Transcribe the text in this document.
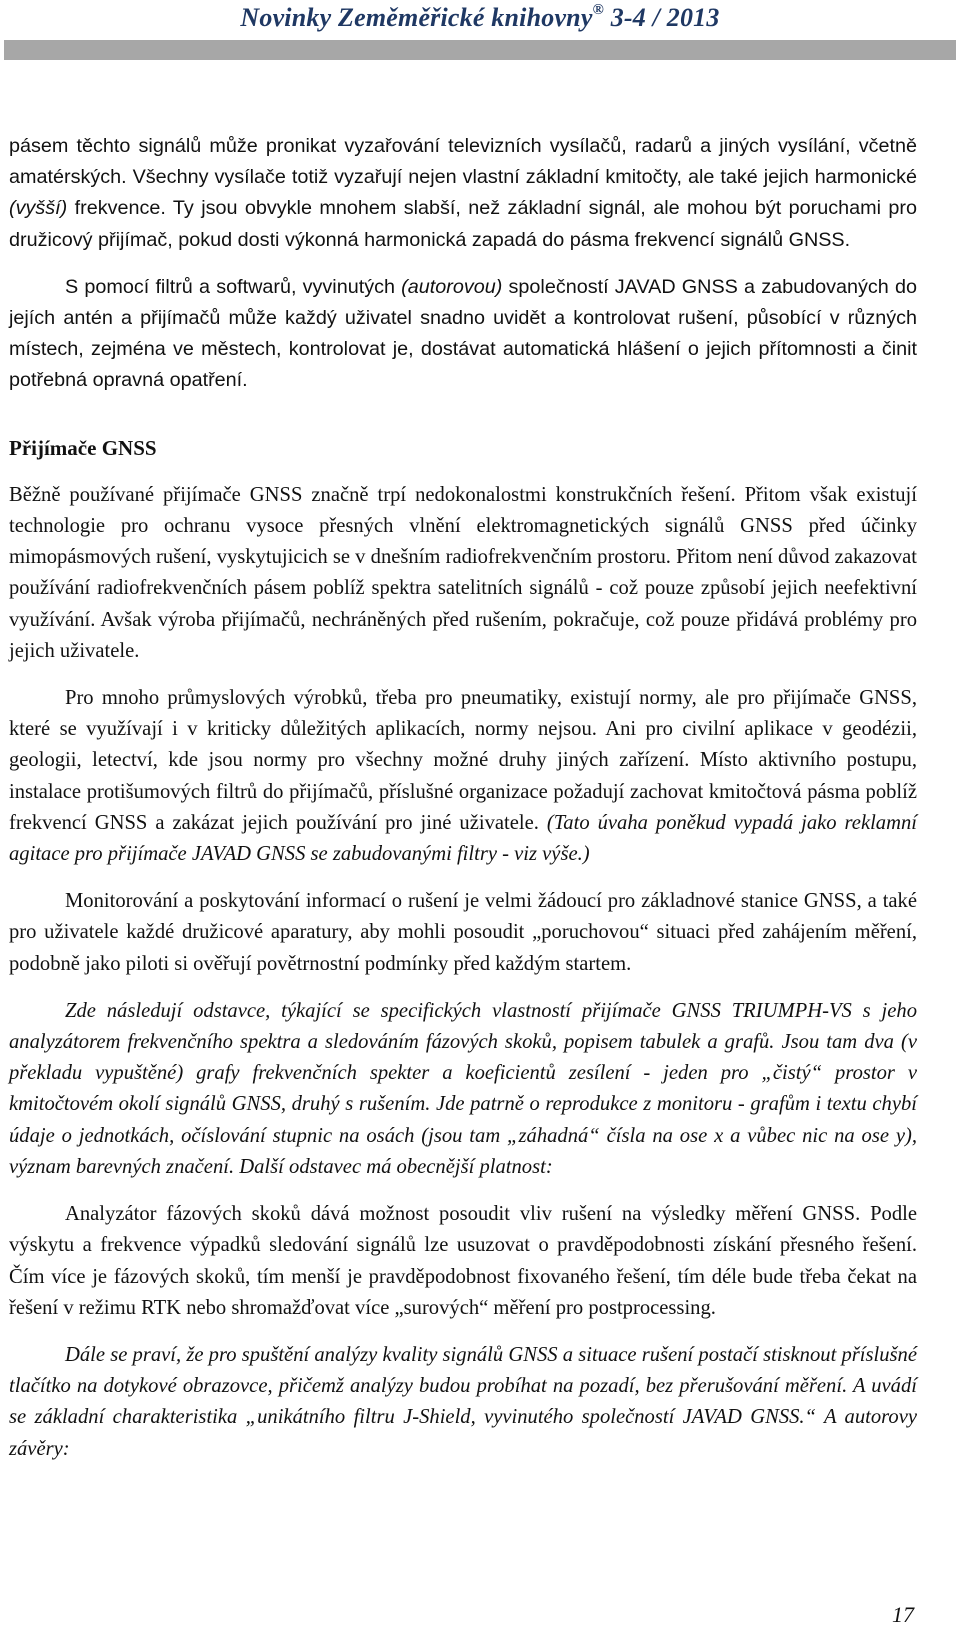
Novinky Zeměměřické knihovny® 3-4 / 2013

pásem těchto signálů může pronikat vyzařování televizních vysílačů, radarů a jiných vysílání, včetně amatérských. Všechny vysílače totiž vyzařují nejen vlastní základní kmitočty, ale také jejich harmonické (vyšší) frekvence. Ty jsou obvykle mnohem slabší, než základní signál, ale mohou být poruchami pro družicový přijímač, pokud dosti výkonná harmonická zapadá do pásma frekvencí signálů GNSS.

S pomocí filtrů a softwarů, vyvinutých (autorovou) společností JAVAD GNSS a zabudovaných do jejích antén a přijímačů může každý uživatel snadno uvidět a kontrolovat rušení, působící v různých místech, zejména ve městech, kontrolovat je, dostávat automatická hlášení o jejich přítomnosti a činit potřebná opravná opatření.

Přijímače GNSS

Běžně používané přijímače GNSS značně trpí nedokonalostmi konstrukčních řešení. Přitom však existují technologie pro ochranu vysoce přesných vlnění elektromagnetických signálů GNSS před účinky mimopásmových rušení, vyskytujicich se v dnešním radiofrekvenčním prostoru. Přitom není důvod zakazovat používání radiofrekvenčních pásem poblíž spektra satelitních signálů - což pouze způsobí jejich neefektivní využívání. Avšak výroba přijímačů, nechráněných před rušením, pokračuje, což pouze přidává problémy pro jejich uživatele.

Pro mnoho průmyslových výrobků, třeba pro pneumatiky, existují normy, ale pro přijímače GNSS, které se využívají i v kriticky důležitých aplikacích, normy nejsou. Ani pro civilní aplikace v geodézii, geologii, letectví, kde jsou normy pro všechny možné druhy jiných zařízení. Místo aktivního postupu, instalace protišumových filtrů do přijímačů, příslušné organizace požadují zachovat kmitočtová pásma poblíž frekvencí GNSS a zakázat jejich používání pro jiné uživatele. (Tato úvaha poněkud vypadá jako reklamní agitace pro přijímače JAVAD GNSS se zabudovanými filtry - viz výše.)

Monitorování a poskytování informací o rušení je velmi žádoucí pro základnové stanice GNSS, a také pro uživatele každé družicové aparatury, aby mohli posoudit „poruchovou“ situaci před zahájením měření, podobně jako piloti si ověřují povětrnostní podmínky před každým startem.

Zde následují odstavce, týkající se specifických vlastností přijímače GNSS TRIUMPH-VS s jeho analyzátorem frekvenčního spektra a sledováním fázových skoků, popisem tabulek a grafů. Jsou tam dva (v překladu vypuštěné) grafy frekvenčních spekter a koeficientů zesílení - jeden pro „čistý“ prostor v kmitočtovém okolí signálů GNSS, druhý s rušením. Jde patrně o reprodukce z monitoru - grafům i textu chybí údaje o jednotkách, očíslování stupnic na osách (jsou tam „záhadná“ čísla na ose x a vůbec nic na ose y), význam barevných značení. Další odstavec má obecnější platnost:

Analyzátor fázových skoků dává možnost posoudit vliv rušení na výsledky měření GNSS. Podle výskytu a frekvence výpadků sledování signálů lze usuzovat o pravděpodobnosti získání přesného řešení. Čím více je fázových skoků, tím menší je pravděpodobnost fixovaného řešení, tím déle bude třeba čekat na řešení v režimu RTK nebo shromažďovat více „surových“ měření pro postprocessing.

Dále se praví, že pro spuštění analýzy kvality signálů GNSS a situace rušení postačí stisknout příslušné tlačítko na dotykové obrazovce, přičemž analýzy budou probíhat na pozadí, bez přerušování měření. A uvádí se základní charakteristika „unikátního filtru J-Shield, vyvinutého společností JAVAD GNSS.“ A autorovy závěry:

17
